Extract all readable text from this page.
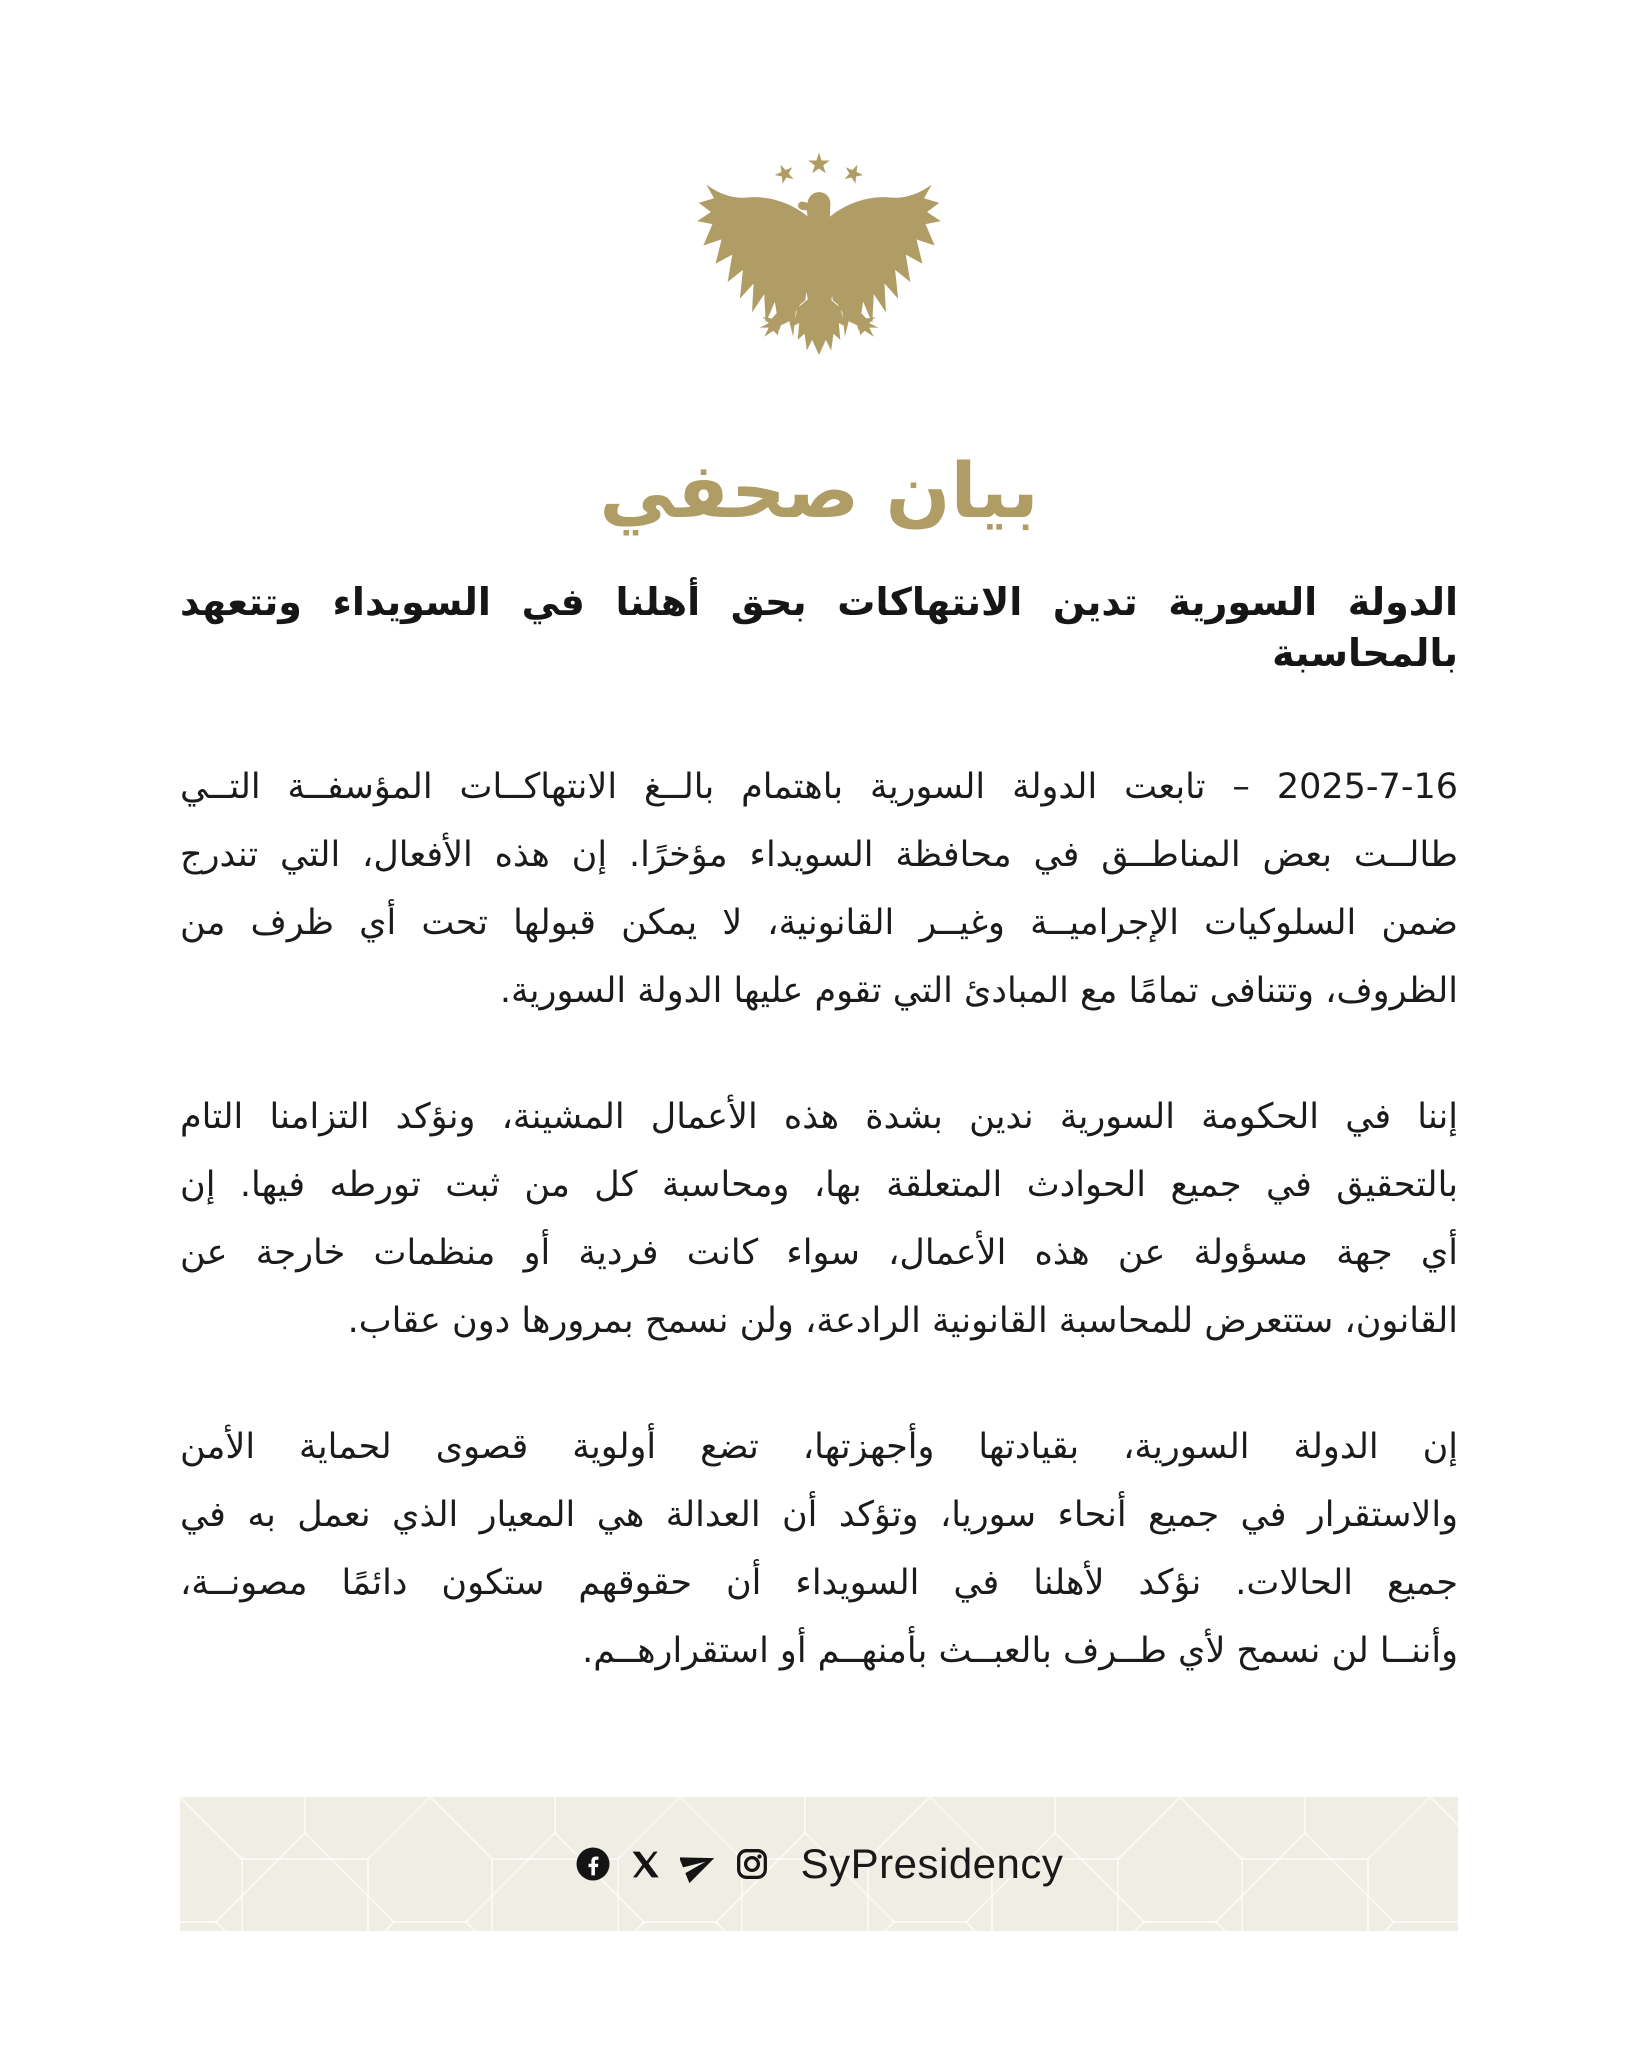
بيان صحفي
الدولة السورية تدين الانتهاكات بحق أهلنا في السويداء وتتعهد بالمحاسبة
2025-7-16 – تابعت الدولة السورية باهتمام بالــغ الانتهاكــات المؤسفــة التــي
طالــت بعض المناطــق في محافظة السويداء مؤخرًا. إن هذه الأفعال، التي تندرج
ضمن السلوكيات الإجراميــة وغيــر القانونية، لا يمكن قبولها تحت أي ظرف من
الظروف، وتتنافى تمامًا مع المبادئ التي تقوم عليها الدولة السورية.
إننا في الحكومة السورية ندين بشدة هذه الأعمال المشينة، ونؤكد التزامنا التام
بالتحقيق في جميع الحوادث المتعلقة بها، ومحاسبة كل من ثبت تورطه فيها. إن
أي جهة مسؤولة عن هذه الأعمال، سواء كانت فردية أو منظمات خارجة عن
القانون، ستتعرض للمحاسبة القانونية الرادعة، ولن نسمح بمرورها دون عقاب.
إن الدولة السورية، بقيادتها وأجهزتها، تضع أولوية قصوى لحماية الأمن
والاستقرار في جميع أنحاء سوريا، وتؤكد أن العدالة هي المعيار الذي نعمل به في
جميع الحالات. نؤكد لأهلنا في السويداء أن حقوقهم ستكون دائمًا مصونــة،
وأننــا لن نسمح لأي طــرف بالعبــث بأمنهــم أو استقرارهــم.
SyPresidency
